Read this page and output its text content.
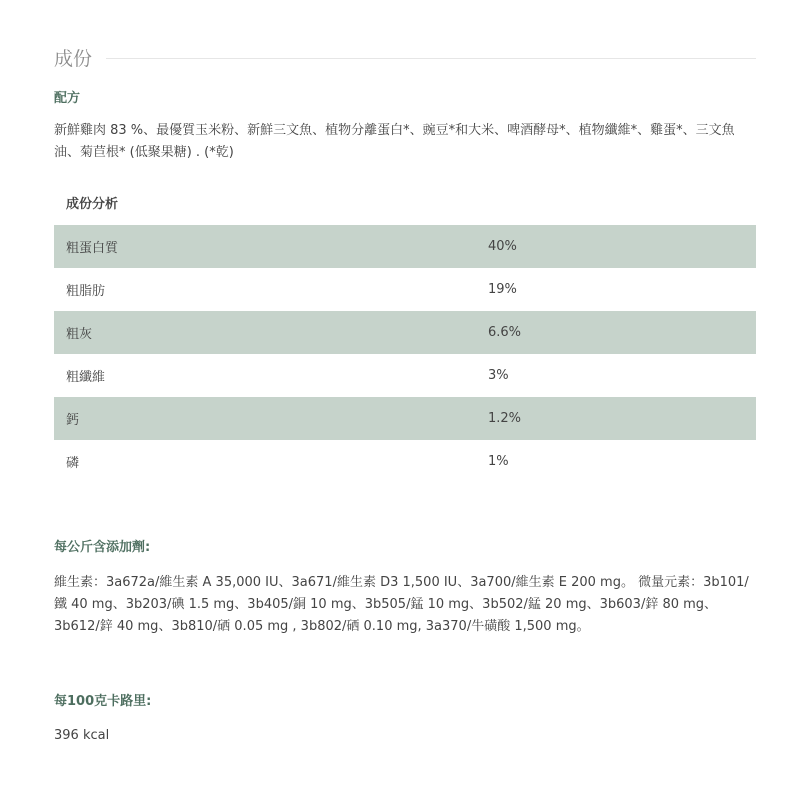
成份
配方
新鮮雞肉 83 %、最優質玉米粉、新鮮三文魚、植物分離蛋白*、豌豆*和大米、啤酒酵母*、植物纖維*、雞蛋*、三文魚油、菊苣根* (低聚果糖) . (*乾)
成份分析
粗蛋白質	40%
粗脂肪	19%
粗灰	6.6%
粗纖維	3%
鈣	1.2%
磷	1%
每公斤含添加劑:
維生素：3a672a/維生素 A 35,000 IU、3a671/維生素 D3 1,500 IU、3a700/維生素 E 200 mg。 微量元素：3b101/鐵 40 mg、3b203/碘 1.5 mg、3b405/銅 10 mg、3b505/錳 10 mg、3b502/錳 20 mg、3b603/鋅 80 mg、3b612/鋅 40 mg、3b810/硒 0.05 mg , 3b802/硒 0.10 mg, 3a370/牛磺酸 1,500 mg。
每100克卡路里:
396 kcal
